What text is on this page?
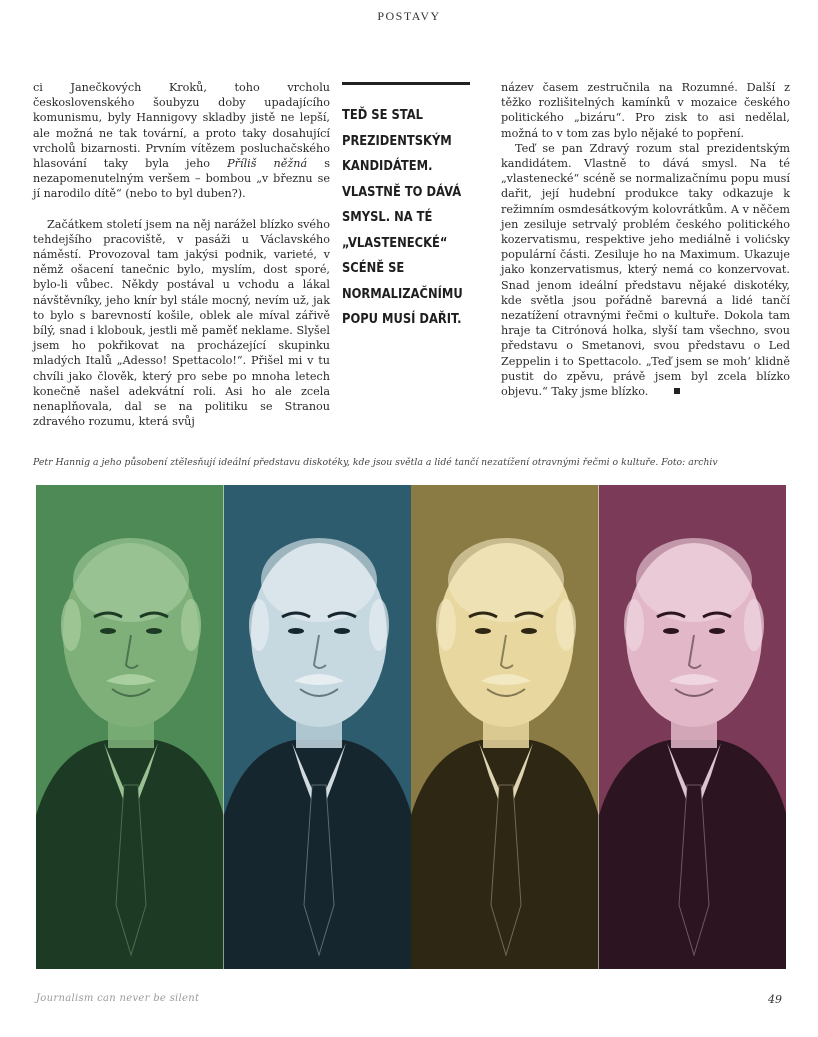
POSTAVY

ci Janečkových Kroků, toho vrcholu československého šoubyzu doby upadajícího komunismu, byly Hannigovy skladby jistě ne lepší, ale možná ne tak tovární, a proto taky dosahující vrcholů bizarnosti. Prvním vítězem posluchačského hlasování taky byla jeho Příliš něžná s nezapomenutelným veršem – bombou „v březnu se jí narodilo dítě“ (nebo to byl duben?).

Začátkem století jsem na něj narážel blízko svého tehdejšího pracoviště, v pasáži u Václavského náměstí. Provozoval tam jakýsi podnik, varieté, v němž ošacení tanečnic bylo, myslím, dost sporé, bylo-li vůbec. Někdy postával u vchodu a lákal návštěvníky, jeho knír byl stále mocný, nevím už, jak to bylo s barevností košile, oblek ale míval zářivě bílý, snad i klobouk, jestli mě paměť neklame. Slyšel jsem ho pokřikovat na procházející skupinku mladých Italů „Adesso! Spettacolo!“. Přišel mi v tu chvíli jako člověk, který pro sebe po mnoha letech konečně našel adekvátní roli. Asi ho ale zcela nenaplňovala, dal se na politiku se Stranou zdravého rozumu, která svůj

TEĎ SE STAL
PREZIDENTSKÝM
KANDIDÁTEM.
VLASTNĚ TO DÁVÁ
SMYSL. NA TÉ
„VLASTENECKÉ“
SCÉNĚ SE
NORMALIZAČNÍMU
POPU MUSÍ DAŘIT.

název časem zestručnila na Rozumné. Další z těžko rozlišitelných kamínků v mozaice českého politického „bizáru“. Pro zisk to asi nedělal, možná to v tom zas bylo nějaké to popření.

Teď se pan Zdravý rozum stal prezidentským kandidátem. Vlastně to dává smysl. Na té „vlastenecké“ scéně se normalizačnímu popu musí dařit, její hudební produkce taky odkazuje k režimním osmdesátkovým kolovrátkům. A v něčem jen zesiluje setrvalý problém českého politického kozervatismu, respektive jeho mediálně i volićsky populární části. Zesiluje ho na Maximum. Ukazuje jako konzervatismus, který nemá co konzervovat. Snad jenom ideální představu nějaké diskotéky, kde světla jsou pořádně barevná a lidé tančí nezatížení otravnými řečmi o kultuře. Dokola tam hraje ta Citrónová holka, slyší tam všechno, svou představu o Smetanovi, svou představu o Led Zeppelin i to Spettacolo. „Teď jsem se moh‘ klidně pustit do zpěvu, právě jsem byl zcela blízko objevu.“ Taky jsme blízko.

Petr Hannig a jeho působení ztělesňují ideální představu diskotéky, kde jsou světla a lidé tančí nezatížení otravnými řečmi o kultuře. Foto: archiv
Journalism can never be silent	49
